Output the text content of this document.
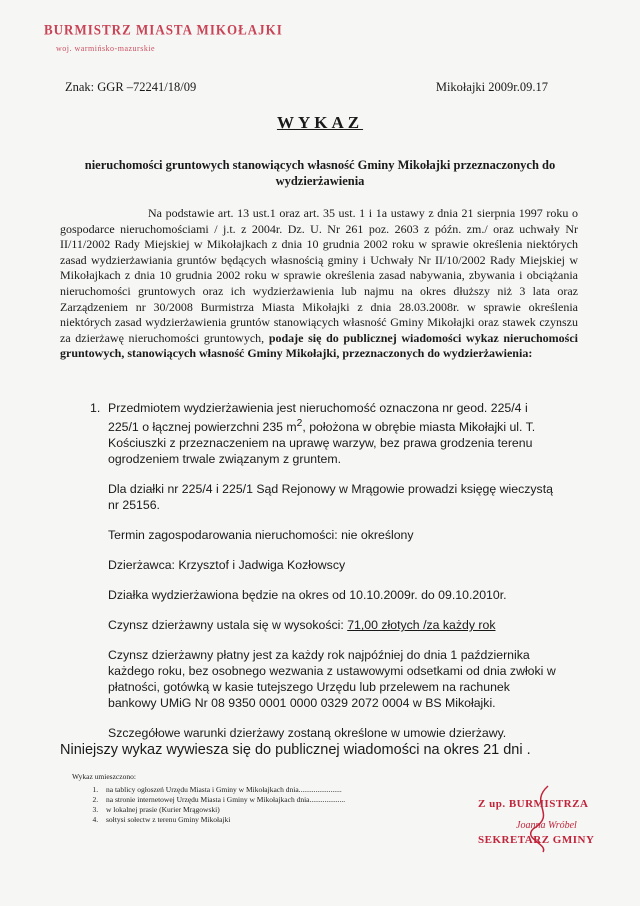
BURMISTRZ MIASTA MIKOŁAJKI
woj. warmińsko-mazurskie
Znak: GGR –72241/18/09	Mikołajki 2009r.09.17
WYKAZ
nieruchomości gruntowych stanowiących własność Gminy Mikołajki przeznaczonych do wydzierżawienia
Na podstawie art. 13 ust.1 oraz art. 35 ust. 1 i 1a ustawy z dnia 21 sierpnia 1997 roku o gospodarce nieruchomościami / j.t. z 2004r. Dz. U. Nr 261 poz. 2603 z późn. zm./ oraz uchwały Nr II/11/2002 Rady Miejskiej w Mikołajkach z dnia 10 grudnia 2002 roku w sprawie określenia niektórych zasad wydzierżawiania gruntów będących własnością gminy i Uchwały Nr II/10/2002 Rady Miejskiej w Mikołajkach z dnia 10 grudnia 2002 roku w sprawie określenia zasad nabywania, zbywania i obciążania nieruchomości gruntowych oraz ich wydzierżawienia lub najmu na okres dłuższy niż 3 lata oraz Zarządzeniem nr 30/2008 Burmistrza Miasta Mikołajki z dnia 28.03.2008r. w sprawie określenia niektórych zasad wydzierżawienia gruntów stanowiących własność Gminy Mikołajki oraz stawek czynszu za dzierżawę nieruchomości gruntowych, podaje się do publicznej wiadomości wykaz nieruchomości gruntowych, stanowiących własność Gminy Mikołajki, przeznaczonych do wydzierżawienia:
1. Przedmiotem wydzierżawienia jest nieruchomość oznaczona nr geod. 225/4 i 225/1 o łącznej powierzchni 235 $m^2$, położona w obrębie miasta Mikołajki ul. T. Kościuszki z przeznaczeniem na uprawę warzyw, bez prawa grodzenia terenu ogrodzeniem trwale związanym z gruntem.

Dla działki nr 225/4 i 225/1 Sąd Rejonowy w Mrągowie prowadzi księgę wieczystą nr 25156.

Termin zagospodarowania nieruchomości: nie określony

Dzierżawca: Krzysztof i Jadwiga Kozłowscy

Działka wydzierżawiona będzie na okres od 10.10.2009r. do 09.10.2010r.

Czynsz dzierżawny ustala się w wysokości: 71,00 złotych /za każdy rok

Czynsz dzierżawny płatny jest za każdy rok najpóźniej do dnia 1 października każdego roku, bez osobnego wezwania z ustawowymi odsetkami od dnia zwłoki w płatności, gotówką w kasie tutejszego Urzędu lub przelewem na rachunek bankowy UMiG Nr 08 9350 0001 0000 0329 2072 0004 w BS Mikołajki.

Szczegółowe warunki dzierżawy zostaną określone w umowie dzierżawy.

Niniejszy wykaz wywiesza się do publicznej wiadomości na okres 21 dni .
Wykaz umieszczono:
1. na tablicy ogłoszeń Urzędu Miasta i Gminy w Mikołajkach dnia.......................
2. na stronie internetowej Urzędu Miasta i Gminy w Mikołajkach dnia...................
3. w lokalnej prasie (Kurier Mrągowski)
4. sołtysi sołectw z terenu Gminy Mikołajki
Z up. BURMISTRZA
Joanna Wróbel
SEKRETARZ GMINY
